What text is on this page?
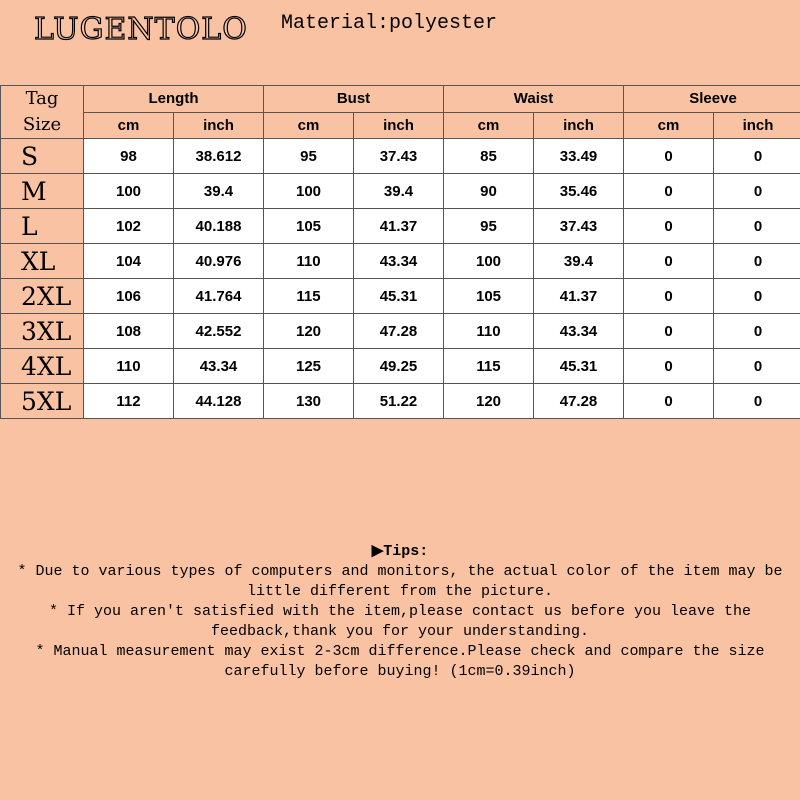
LUGENTOLO Material:polyester
Tag
Size	Length		Bust		Waist		Sleeve	
	cm	inch	cm	inch	cm	inch	cm	inch
S	98	38.612	95	37.43	85	33.49	0	0
M	100	39.4	100	39.4	90	35.46	0	0
L	102	40.188	105	41.37	95	37.43	0	0
XL	104	40.976	110	43.34	100	39.4	0	0
2XL	106	41.764	115	45.31	105	41.37	0	0
3XL	108	42.552	120	47.28	110	43.34	0	0
4XL	110	43.34	125	49.25	115	45.31	0	0
5XL	112	44.128	130	51.22	120	47.28	0	0

▶Tips:

* Due to various types of computers and monitors, the actual color of the item may be

little different from the picture.

* If you aren't satisfied with the item,please contact us before you leave the

feedback,thank you for your understanding.

* Manual measurement may exist 2-3cm difference.Please check and compare the size

carefully before buying! (1cm=0.39inch)
